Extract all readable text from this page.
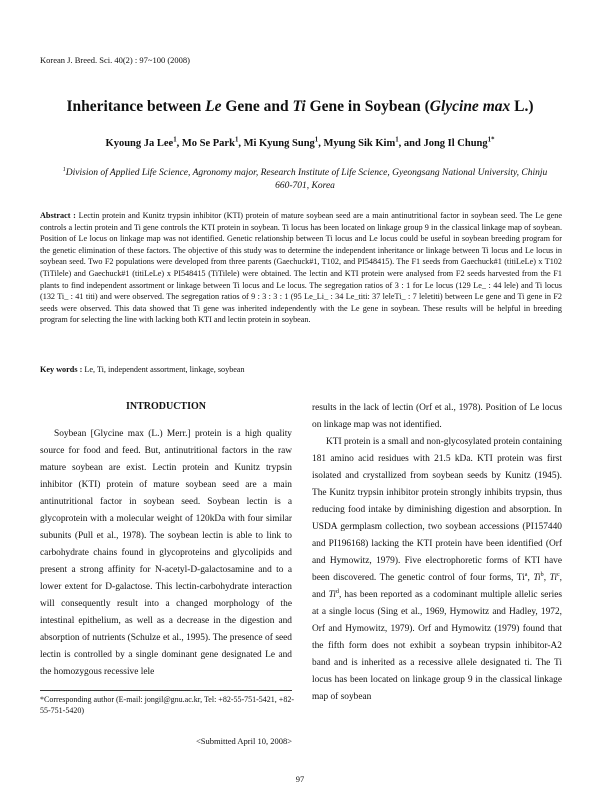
Korean J. Breed. Sci. 40(2) : 97~100 (2008)
Inheritance between Le Gene and Ti Gene in Soybean (Glycine max L.)
Kyoung Ja Lee$^1$, Mo Se Park$^1$, Mi Kyung Sung$^1$, Myung Sik Kim$^1$, and Jong Il Chung$^{1*}$
$^1$Division of Applied Life Science, Agronomy major, Research Institute of Life Science, Gyeongsang National University, Chinju 660-701, Korea
Abstract : Lectin protein and Kunitz trypsin inhibitor (KTI) protein of mature soybean seed are a main antinutritional factor in soybean seed. The Le gene controls a lectin protein and Ti gene controls the KTI protein in soybean. Ti locus has been located on linkage group 9 in the classical linkage map of soybean. Position of Le locus on linkage map was not identified. Genetic relationship between Ti locus and Le locus could be useful in soybean breeding program for the genetic elimination of these factors. The objective of this study was to determine the independent inheritance or linkage between Ti locus and Le locus in soybean seed. Two F2 populations were developed from three parents (Gaechuck#1, T102, and PI548415). The F1 seeds from Gaechuck#1 (titiLeLe) x T102 (TiTilele) and Gaechuck#1 (titiLeLe) x PI548415 (TiTilele) were obtained. The lectin and KTI protein were analysed from F2 seeds harvested from the F1 plants to find independent assortment or linkage between Ti locus and Le locus. The segregation ratios of 3 : 1 for Le locus (129 Le_ : 44 lele) and Ti locus (132 Ti_ : 41 titi) and were observed. The segregation ratios of 9 : 3 : 3 : 1 (95 Le_Li_ : 34 Le_titi: 37 leleTi_ : 7 leletiti) between Le gene and Ti gene in F2 seeds were observed. This data showed that Ti gene was inherited independently with the Le gene in soybean. These results will be helpful in breeding program for selecting the line with lacking both KTI and lectin protein in soybean.
Key words : Le, Ti, independent assortment, linkage, soybean
INTRODUCTION

Soybean [Glycine max (L.) Merr.] protein is a high quality source for food and feed. But, antinutritional factors in the raw mature soybean are exist. Lectin protein and Kunitz trypsin inhibitor (KTI) protein of mature soybean seed are a main antinutritional factor in soybean seed. Soybean lectin is a glycoprotein with a molecular weight of 120kDa with four similar subunits (Pull et al., 1978). The soybean lectin is able to link to carbohydrate chains found in glycoproteins and glycolipids and present a strong affinity for N-acetyl-D-galactosamine and to a lower extent for D-galactose. This lectin-carbohydrate interaction will consequently result into a changed morphology of the intestinal epithelium, as well as a decrease in the digestion and absorption of nutrients (Schulze et al., 1995). The presence of seed lectin is controlled by a single dominant gene designated Le and the homozygous recessive lele

results in the lack of lectin (Orf et al., 1978). Position of Le locus on linkage map was not identified.

KTI protein is a small and non-glycosylated protein containing 181 amino acid residues with 21.5 kDa. KTI protein was first isolated and crystallized from soybean seeds by Kunitz (1945). The Kunitz trypsin inhibitor protein strongly inhibits trypsin, thus reducing food intake by diminishing digestion and absorption. In USDA germplasm collection, two soybean accessions (PI157440 and PI196168) lacking the KTI protein have been identified (Orf and Hymowitz, 1979). Five electrophoretic forms of KTI have been discovered. The genetic control of four forms, Ti$^a$, Ti$^b$, Ti$^c$, and Ti$^d$, has been reported as a codominant multiple allelic series at a single locus (Sing et al., 1969, Hymowitz and Hadley, 1972, Orf and Hymowitz, 1979). Orf and Hymowitz (1979) found that the fifth form does not exhibit a soybean trypsin inhibitor-A2 band and is inherited as a recessive allele designated ti. The Ti locus has been located on linkage group 9 in the classical linkage map of soybean

*Corresponding author (E-mail: jongil@gnu.ac.kr, Tel: +82-55-751-5421, +82-55-751-5420)
<Submitted April 10, 2008>
97
